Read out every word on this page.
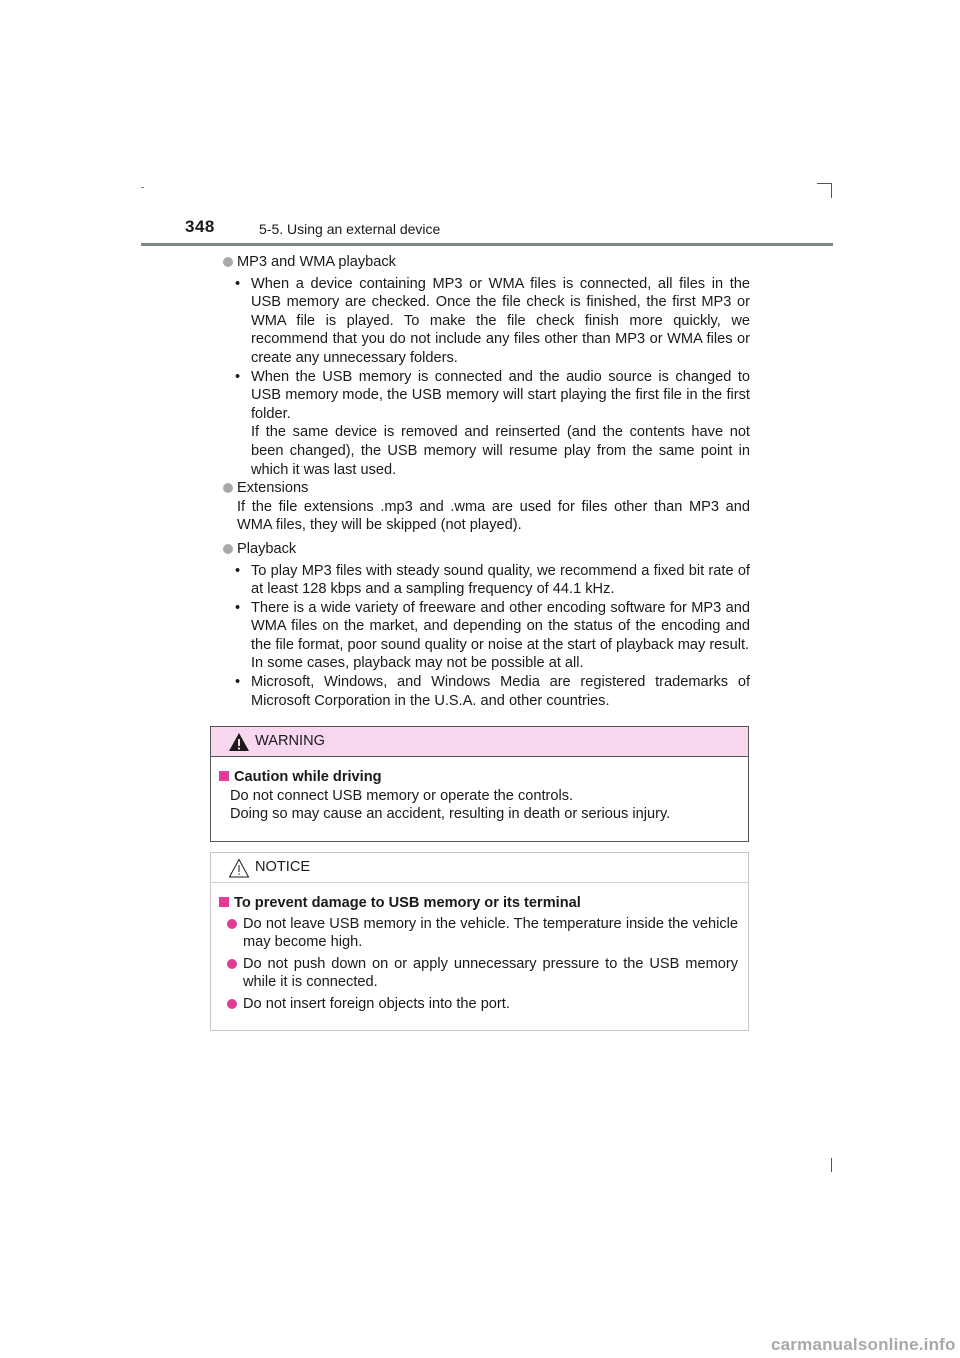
348	5-5. Using an external device
MP3 and WMA playback
• When a device containing MP3 or WMA files is connected, all files in the USB memory are checked. Once the file check is finished, the first MP3 or WMA file is played. To make the file check finish more quickly, we recommend that you do not include any files other than MP3 or WMA files or create any unnecessary folders.
• When the USB memory is connected and the audio source is changed to USB memory mode, the USB memory will start playing the first file in the first folder.
If the same device is removed and reinserted (and the contents have not been changed), the USB memory will resume play from the same point in which it was last used.
Extensions
If the file extensions .mp3 and .wma are used for files other than MP3 and WMA files, they will be skipped (not played).
Playback
• To play MP3 files with steady sound quality, we recommend a fixed bit rate of at least 128 kbps and a sampling frequency of 44.1 kHz.
• There is a wide variety of freeware and other encoding software for MP3 and WMA files on the market, and depending on the status of the encoding and the file format, poor sound quality or noise at the start of playback may result.
In some cases, playback may not be possible at all.
• Microsoft, Windows, and Windows Media are registered trademarks of Microsoft Corporation in the U.S.A. and other countries.
WARNING
Caution while driving
Do not connect USB memory or operate the controls.
Doing so may cause an accident, resulting in death or serious injury.
NOTICE
To prevent damage to USB memory or its terminal
Do not leave USB memory in the vehicle. The temperature inside the vehicle may become high.
Do not push down on or apply unnecessary pressure to the USB memory while it is connected.
Do not insert foreign objects into the port.
carmanualsonline.info
